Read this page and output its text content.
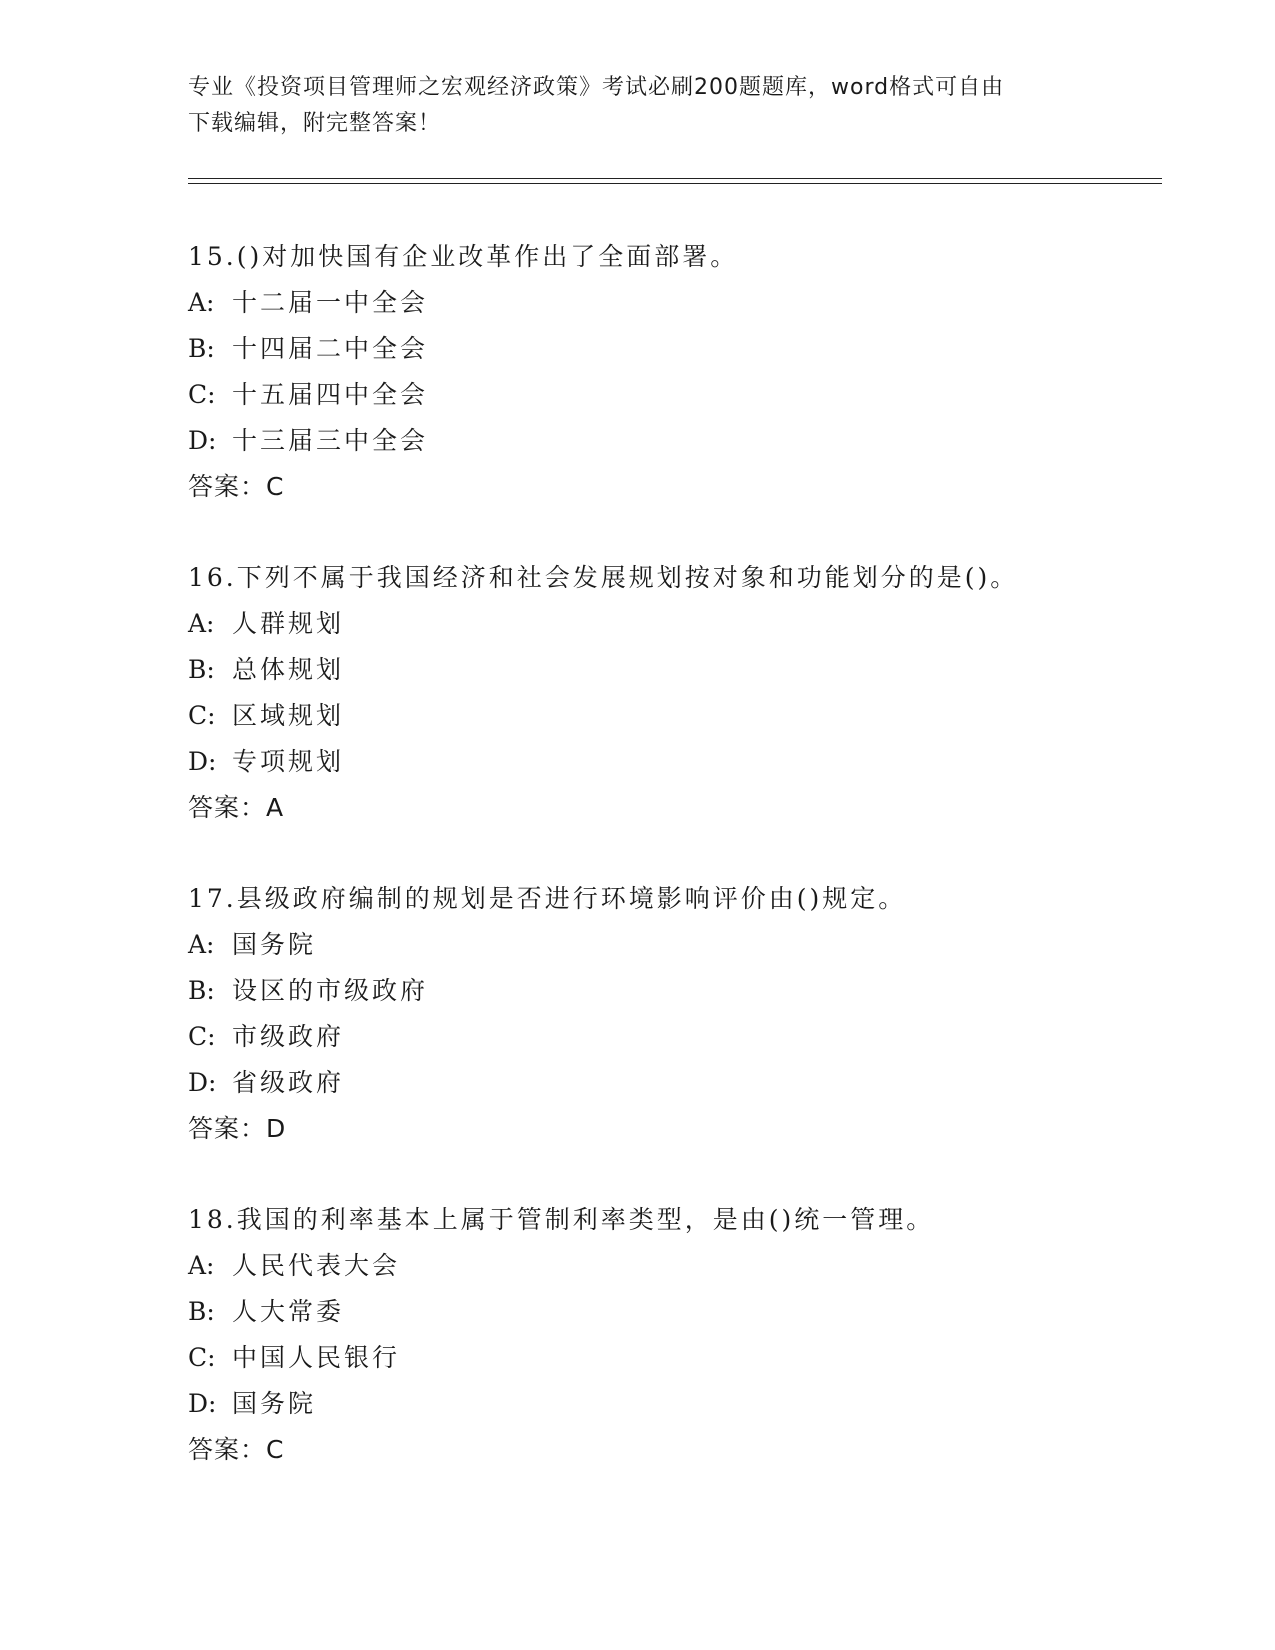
专业《投资项目管理师之宏观经济政策》考试必刷200题题库，word格式可自由
下载编辑，附完整答案！
15.()对加快国有企业改革作出了全面部署。
A: 十二届一中全会
B: 十四届二中全会
C: 十五届四中全会
D: 十三届三中全会
答案：C
16.下列不属于我国经济和社会发展规划按对象和功能划分的是()。
A: 人群规划
B: 总体规划
C: 区域规划
D: 专项规划
答案：A
17.县级政府编制的规划是否进行环境影响评价由()规定。
A: 国务院
B: 设区的市级政府
C: 市级政府
D: 省级政府
答案：D
18.我国的利率基本上属于管制利率类型，是由()统一管理。
A: 人民代表大会
B: 人大常委
C: 中国人民银行
D: 国务院
答案：C
